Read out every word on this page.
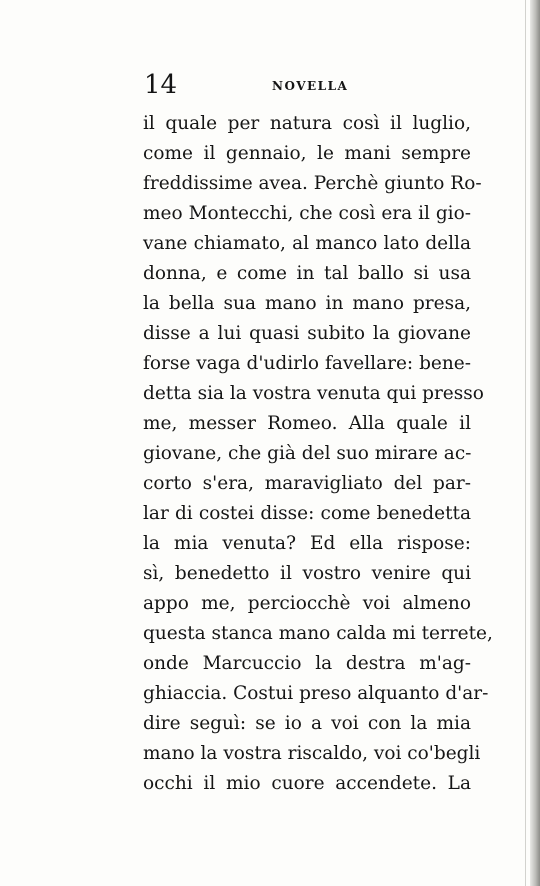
14	NOVELLA
il quale per natura così il luglio,
come il gennaio, le mani sempre
freddissime avea. Perchè giunto Ro-
meo Montecchi, che così era il gio-
vane chiamato, al manco lato della
donna, e come in tal ballo si usa
la bella sua mano in mano presa,
disse a lui quasi subito la giovane
forse vaga d'udirlo favellare: bene-
detta sia la vostra venuta qui presso
me, messer Romeo. Alla quale il
giovane, che già del suo mirare ac-
corto s'era, maravigliato del par-
lar di costei disse: come benedetta
la mia venuta? Ed ella rispose:
sì, benedetto il vostro venire qui
appo me, perciocchè voi almeno
questa stanca mano calda mi terrete,
onde Marcuccio la destra m'ag-
ghiaccia. Costui preso alquanto d'ar-
dire seguì: se io a voi con la mia
mano la vostra riscaldo, voi co'begli
occhi il mio cuore accendete. La
